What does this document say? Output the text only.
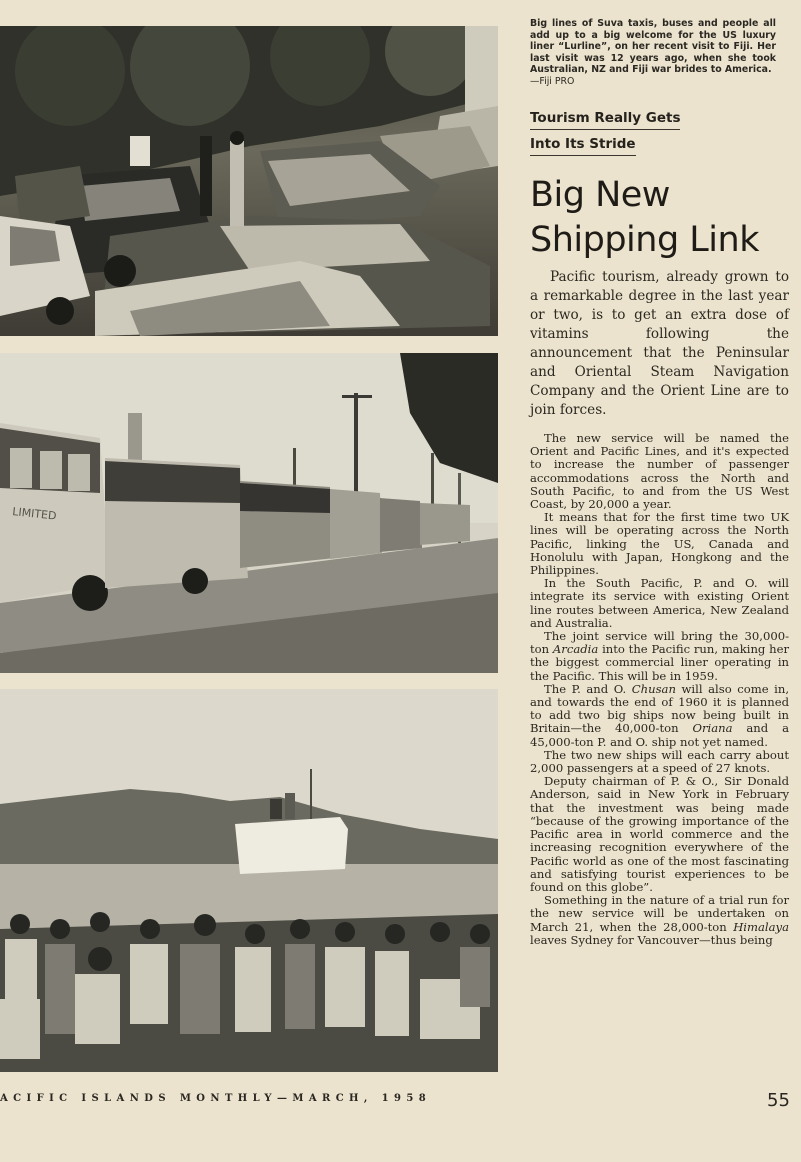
LIMITED

Big lines of Suva taxis, buses and people all add up to a big welcome for the US luxury liner “Lurline”, on her recent visit to Fiji. Her last visit was 12 years ago, when she took Australian, NZ and Fiji war brides to America.
—Fiji PRO

Tourism Really Gets
Into Its Stride
Big New
Shipping Link

Pacific tourism, already grown to a remarkable degree in the last year or two, is to get an extra dose of vitamins following the announcement that the Peninsular and Oriental Steam Navigation Company and the Orient Line are to join forces.

The new service will be named the Orient and Pacific Lines, and it's expected to increase the number of passenger accommodations across the North and South Pacific, to and from the US West Coast, by 20,000 a year.

It means that for the first time two UK lines will be operating across the North Pacific, linking the US, Canada and Honolulu with Japan, Hongkong and the Philippines.

In the South Pacific, P. and O. will integrate its service with existing Orient line routes between America, New Zealand and Australia.

The joint service will bring the 30,000-ton Arcadia into the Pacific run, making her the biggest commercial liner operating in the Pacific. This will be in 1959.

The P. and O. Chusan will also come in, and towards the end of 1960 it is planned to add two big ships now being built in Britain—the 40,000-ton Oriana and a 45,000-ton P. and O. ship not yet named.

The two new ships will each carry about 2,000 passengers at a speed of 27 knots.

Deputy chairman of P. & O., Sir Donald Anderson, said in New York in February that the investment was being made “because of the growing importance of the Pacific area in world commerce and the increasing recognition everywhere of the Pacific world as one of the most fascinating and satisfying tourist experiences to be found on this globe”.

Something in the nature of a trial run for the new service will be undertaken on March 21, when the 28,000-ton Himalaya leaves Sydney for Vancouver—thus being

ACIFIC ISLANDS MONTHLY—MARCH, 1958	55
